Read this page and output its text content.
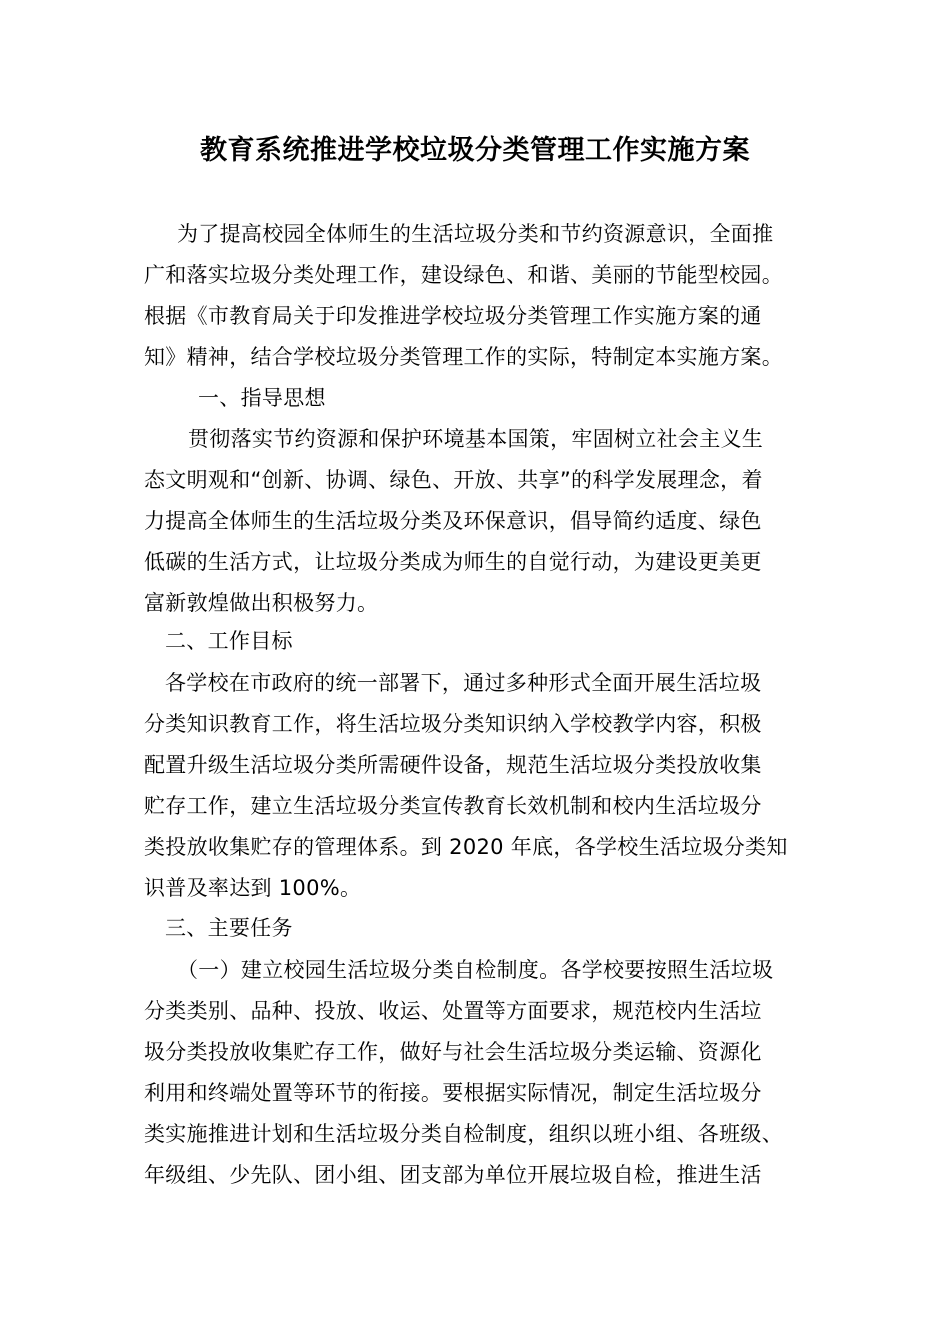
教育系统推进学校垃圾分类管理工作实施方案
为了提高校园全体师生的生活垃圾分类和节约资源意识，全面推
广和落实垃圾分类处理工作，建设绿色、和谐、美丽的节能型校园。
根据《市教育局关于印发推进学校垃圾分类管理工作实施方案的通
知》精神，结合学校垃圾分类管理工作的实际，特制定本实施方案。
一、指导思想
贯彻落实节约资源和保护环境基本国策，牢固树立社会主义生
态文明观和“创新、协调、绿色、开放、共享”的科学发展理念，着
力提高全体师生的生活垃圾分类及环保意识，倡导简约适度、绿色
低碳的生活方式，让垃圾分类成为师生的自觉行动，为建设更美更
富新敦煌做出积极努力。
二、工作目标
各学校在市政府的统一部署下，通过多种形式全面开展生活垃圾
分类知识教育工作，将生活垃圾分类知识纳入学校教学内容，积极
配置升级生活垃圾分类所需硬件设备，规范生活垃圾分类投放收集
贮存工作，建立生活垃圾分类宣传教育长效机制和校内生活垃圾分
类投放收集贮存的管理体系。到 2020 年底，各学校生活垃圾分类知
识普及率达到 100%。
三、主要任务
（一）建立校园生活垃圾分类自检制度。各学校要按照生活垃圾
分类类别、品种、投放、收运、处置等方面要求，规范校内生活垃
圾分类投放收集贮存工作，做好与社会生活垃圾分类运输、资源化
利用和终端处置等环节的衔接。要根据实际情况，制定生活垃圾分
类实施推进计划和生活垃圾分类自检制度，组织以班小组、各班级、
年级组、少先队、团小组、团支部为单位开展垃圾自检，推进生活
